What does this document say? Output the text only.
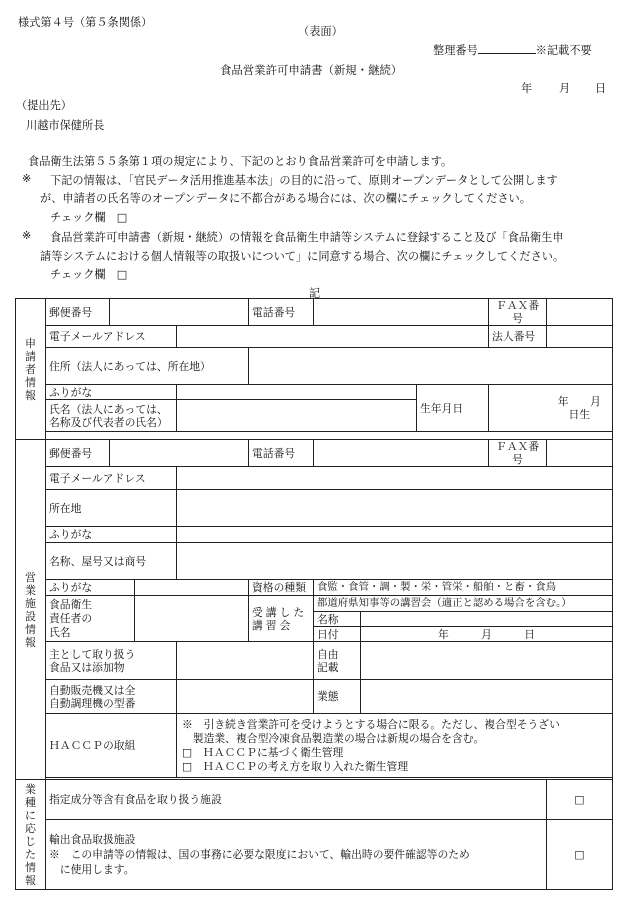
様式第４号（第５条関係）
（表面）
整理番号	※記載不要
食品営業許可申請書（新規・継続）
年 月 日
（提出先）
川越市保健所長
食品衛生法第５５条第１項の規定により、下記のとおり食品営業許可を申請します。
※ 下記の情報は、「官民データ活用推進基本法」の目的に沿って、原則オープンデータとして公開します
が、申請者の氏名等のオープンデータに不都合がある場合には、次の欄にチェックしてください。
チェック欄　□
※ 食品営業許可申請書（新規・継続）の情報を食品衛生申請等システムに登録すること及び「食品衛生申
請等システムにおける個人情報等の取扱いについて」に同意する場合、次の欄にチェックしてください。
チェック欄　□
記
申請者情報	郵便番号				電話番号				ＦＡＸ番号	
	電子メールアドレス								法人番号	
	住所（法人にあっては、所在地）									
	ふりがな							生年月日		年　　月　　日生
	氏名（法人にあっては、
名称及び代表者の氏名）									

営業施設情報	郵便番号				電話番号				ＦＡＸ番号	
	電子メールアドレス									
	所在地									
	ふりがな									
	名称、屋号又は商号									
	ふりがな				資格の種類	食監・食管・調・製・栄・管栄・船舶・と畜・食鳥				
	食品衛生
責任者の
氏名				受講した
講習会	都道府県知事等の講習会（適正と認める場合を含む。）				
						名称				
						日付	年　　　月　　　日			
	主として取り扱う
食品又は添加物					自由
記載				
	自動販売機又は全
自動調理機の型番					業態				
	ＨＡＣＣＰの取組			※　引き続き営業許可を受けようとする場合に限る。ただし、複合型そうざい
　製造業、複合型冷凍食品製造業の場合は新規の場合を含む。
□　ＨＡＣＣＰに基づく衛生管理
□　ＨＡＣＣＰの考え方を取り入れた衛生管理						

業種に応じた情報	指定成分等含有食品を取り扱う施設									□

	輸出食品取扱施設
※　この申請等の情報は、国の事務に必要な限度において、輸出時の要件確認等のため
　に使用します。									□
